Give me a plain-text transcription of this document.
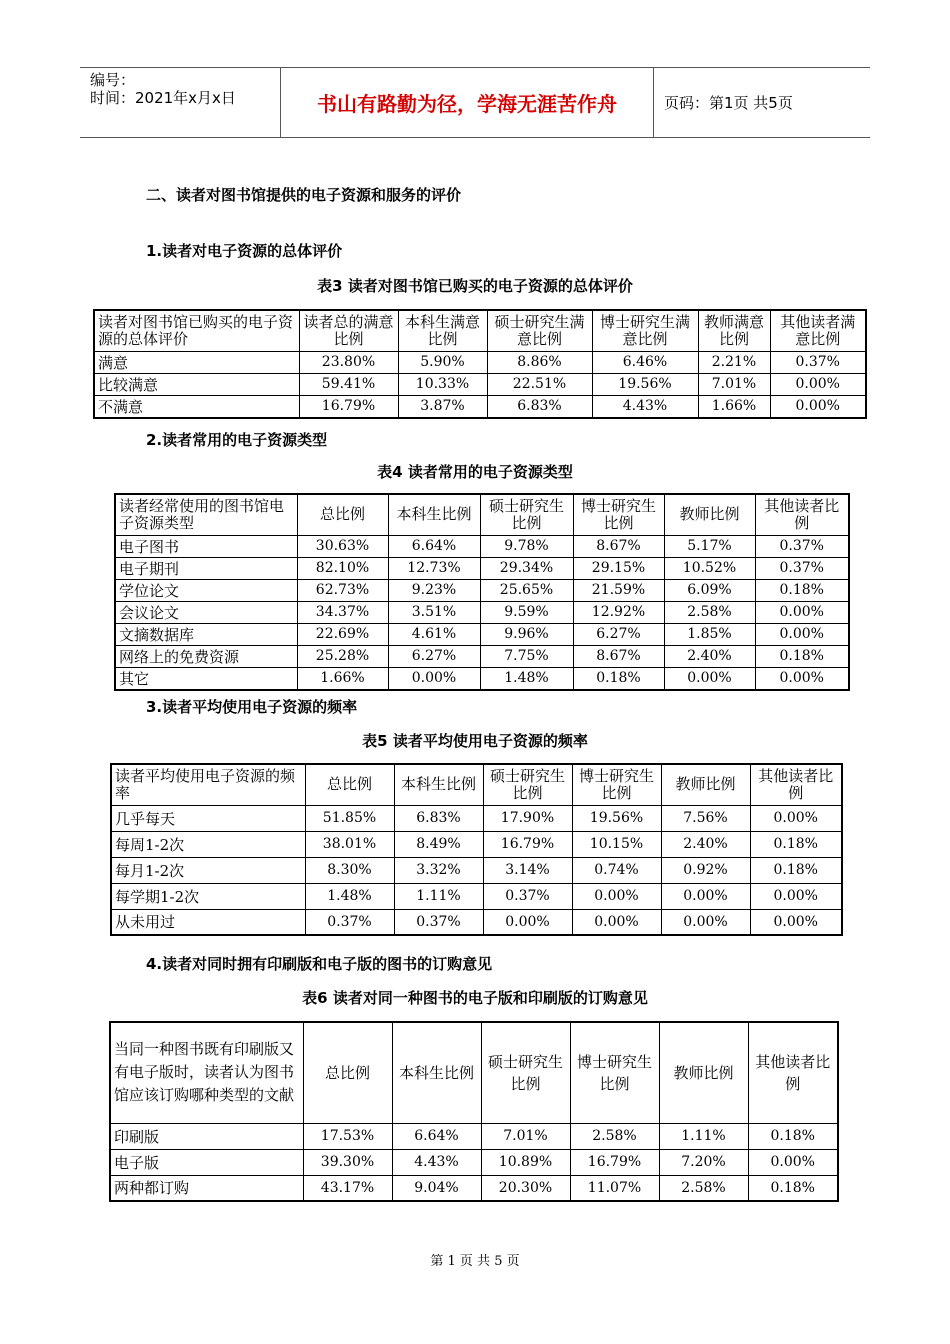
编号：
时间：2021年x月x日	书山有路勤为径，学海无涯苦作舟	页码：第1页 共5页
二、读者对图书馆提供的电子资源和服务的评价
1.读者对电子资源的总体评价
表3 读者对图书馆已购买的电子资源的总体评价
读者对图书馆已购买的电子资源的总体评价	读者总的满意比例	本科生满意比例	硕士研究生满意比例	博士研究生满意比例	教师满意比例	其他读者满意比例
满意	23.80%	5.90%	8.86%	6.46%	2.21%	0.37%
比较满意	59.41%	10.33%	22.51%	19.56%	7.01%	0.00%
不满意	16.79%	3.87%	6.83%	4.43%	1.66%	0.00%
2.读者常用的电子资源类型
表4 读者常用的电子资源类型
读者经常使用的图书馆电子资源类型	总比例	本科生比例	硕士研究生比例	博士研究生比例	教师比例	其他读者比例
电子图书	30.63%	6.64%	9.78%	8.67%	5.17%	0.37%
电子期刊	82.10%	12.73%	29.34%	29.15%	10.52%	0.37%
学位论文	62.73%	9.23%	25.65%	21.59%	6.09%	0.18%
会议论文	34.37%	3.51%	9.59%	12.92%	2.58%	0.00%
文摘数据库	22.69%	4.61%	9.96%	6.27%	1.85%	0.00%
网络上的免费资源	25.28%	6.27%	7.75%	8.67%	2.40%	0.18%
其它	1.66%	0.00%	1.48%	0.18%	0.00%	0.00%
3.读者平均使用电子资源的频率
表5 读者平均使用电子资源的频率
读者平均使用电子资源的频率	总比例	本科生比例	硕士研究生比例	博士研究生比例	教师比例	其他读者比例
几乎每天	51.85%	6.83%	17.90%	19.56%	7.56%	0.00%
每周1-2次	38.01%	8.49%	16.79%	10.15%	2.40%	0.18%
每月1-2次	8.30%	3.32%	3.14%	0.74%	0.92%	0.18%
每学期1-2次	1.48%	1.11%	0.37%	0.00%	0.00%	0.00%
从未用过	0.37%	0.37%	0.00%	0.00%	0.00%	0.00%
4.读者对同时拥有印刷版和电子版的图书的订购意见
表6 读者对同一种图书的电子版和印刷版的订购意见
当同一种图书既有印刷版又有电子版时，读者认为图书馆应该订购哪种类型的文献	总比例	本科生比例	硕士研究生比例	博士研究生比例	教师比例	其他读者比例
印刷版	17.53%	6.64%	7.01%	2.58%	1.11%	0.18%
电子版	39.30%	4.43%	10.89%	16.79%	7.20%	0.00%
两种都订购	43.17%	9.04%	20.30%	11.07%	2.58%	0.18%
第 1 页 共 5 页
